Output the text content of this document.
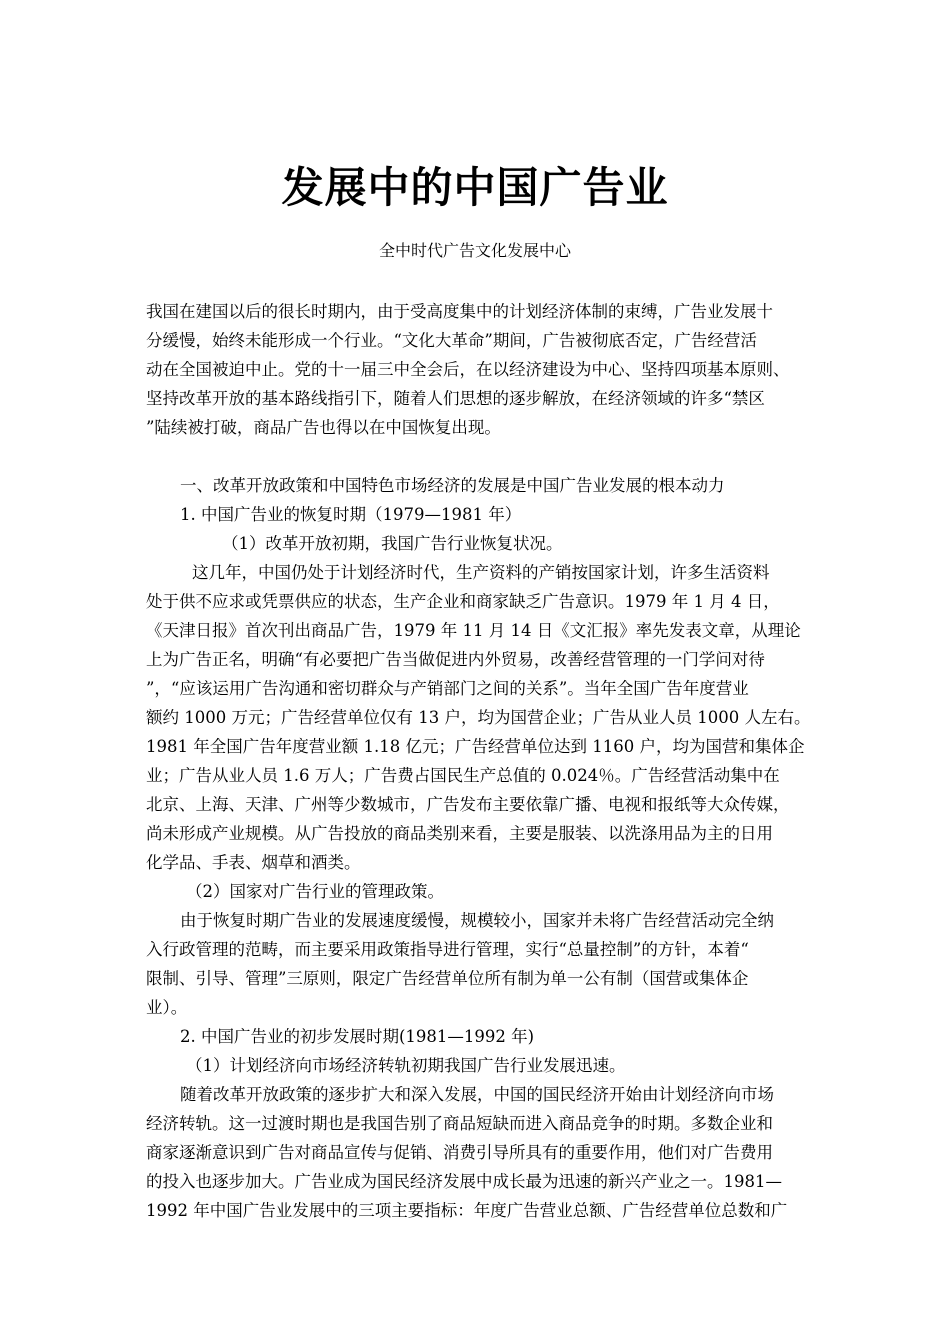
发展中的中国广告业

全中时代广告文化发展中心

我国在建国以后的很长时期内，由于受高度集中的计划经济体制的束缚，广告业发展十
分缓慢，始终未能形成一个行业。“文化大革命”期间，广告被彻底否定，广告经营活
动在全国被迫中止。党的十一届三中全会后，在以经济建设为中心、坚持四项基本原则、
坚持改革开放的基本路线指引下，随着人们思想的逐步解放，在经济领域的许多“禁区
”陆续被打破，商品广告也得以在中国恢复出现。
一、改革开放政策和中国特色市场经济的发展是中国广告业发展的根本动力
1. 中国广告业的恢复时期（1979—1981 年）
（1）改革开放初期，我国广告行业恢复状况。
这几年，中国仍处于计划经济时代，生产资料的产销按国家计划，许多生活资料
处于供不应求或凭票供应的状态，生产企业和商家缺乏广告意识。1979 年 1 月 4 日，
《天津日报》首次刊出商品广告，1979 年 11 月 14 日《文汇报》率先发表文章，从理论
上为广告正名，明确“有必要把广告当做促进内外贸易，改善经营管理的一门学问对待
”，“应该运用广告沟通和密切群众与产销部门之间的关系”。当年全国广告年度营业
额约 1000 万元；广告经营单位仅有 13 户，均为国营企业；广告从业人员 1000 人左右。
1981 年全国广告年度营业额 1.18 亿元；广告经营单位达到 1160 户，均为国营和集体企
业；广告从业人员 1.6 万人；广告费占国民生产总值的 0.024％。广告经营活动集中在
北京、上海、天津、广州等少数城市，广告发布主要依靠广播、电视和报纸等大众传媒，
尚未形成产业规模。从广告投放的商品类别来看，主要是服装、以洗涤用品为主的日用
化学品、手表、烟草和酒类。
（2）国家对广告行业的管理政策。
由于恢复时期广告业的发展速度缓慢，规模较小，国家并未将广告经营活动完全纳
入行政管理的范畴，而主要采用政策指导进行管理，实行“总量控制”的方针，本着“
限制、引导、管理”三原则，限定广告经营单位所有制为单一公有制（国营或集体企
业）。
2. 中国广告业的初步发展时期(1981—1992 年)
（1）计划经济向市场经济转轨初期我国广告行业发展迅速。
随着改革开放政策的逐步扩大和深入发展，中国的国民经济开始由计划经济向市场
经济转轨。这一过渡时期也是我国告别了商品短缺而进入商品竞争的时期。多数企业和
商家逐渐意识到广告对商品宣传与促销、消费引导所具有的重要作用，他们对广告费用
的投入也逐步加大。广告业成为国民经济发展中成长最为迅速的新兴产业之一。1981—
1992 年中国广告业发展中的三项主要指标：年度广告营业总额、广告经营单位总数和广
